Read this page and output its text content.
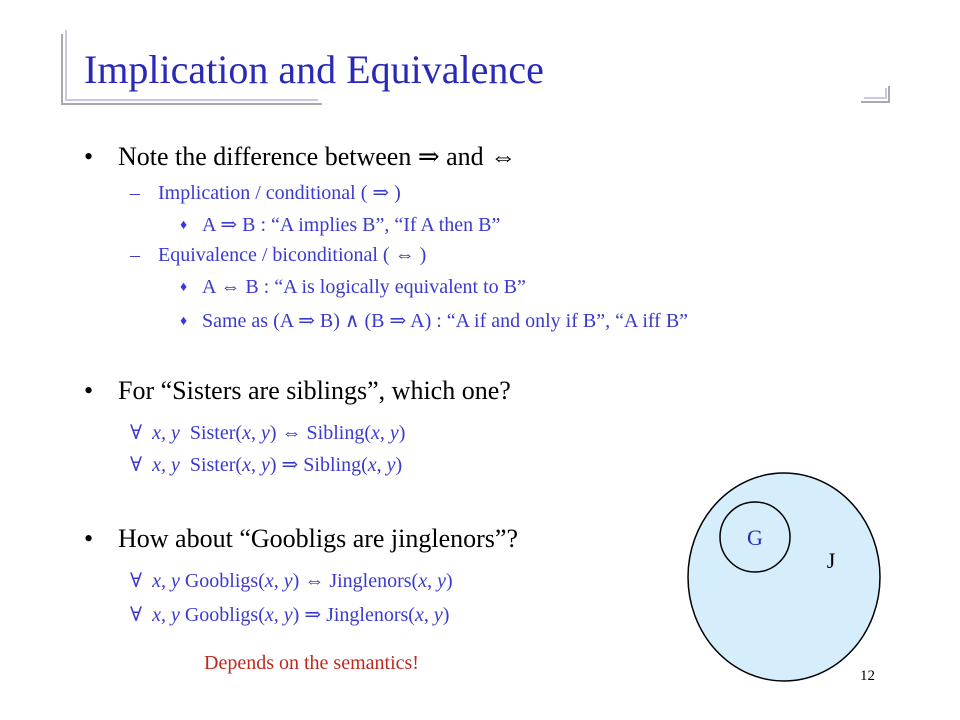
Implication and Equivalence
• Note the difference between ⇒ and ⇔
– Implication / conditional ( ⇒ )
♦ A ⇒ B : “A implies B”, “If A then B”
– Equivalence / biconditional ( ⇔ )
♦ A ⇔ B : “A is logically equivalent to B”
♦ Same as (A ⇒ B) ∧ (B ⇒ A) : “A if and only if B”, “A iff B”
• For “Sisters are siblings”, which one?
∀ x, y Sister(x, y) ⇔ Sibling(x, y)
∀ x, y Sister(x, y) ⇒ Sibling(x, y)
• How about “Goobligs are jinglenors”?
∀ x, y Goobligs(x, y) ⇔ Jinglenors(x, y)
∀ x, y Goobligs(x, y) ⇒ Jinglenors(x, y)
Depends on the semantics!
G
J
12
